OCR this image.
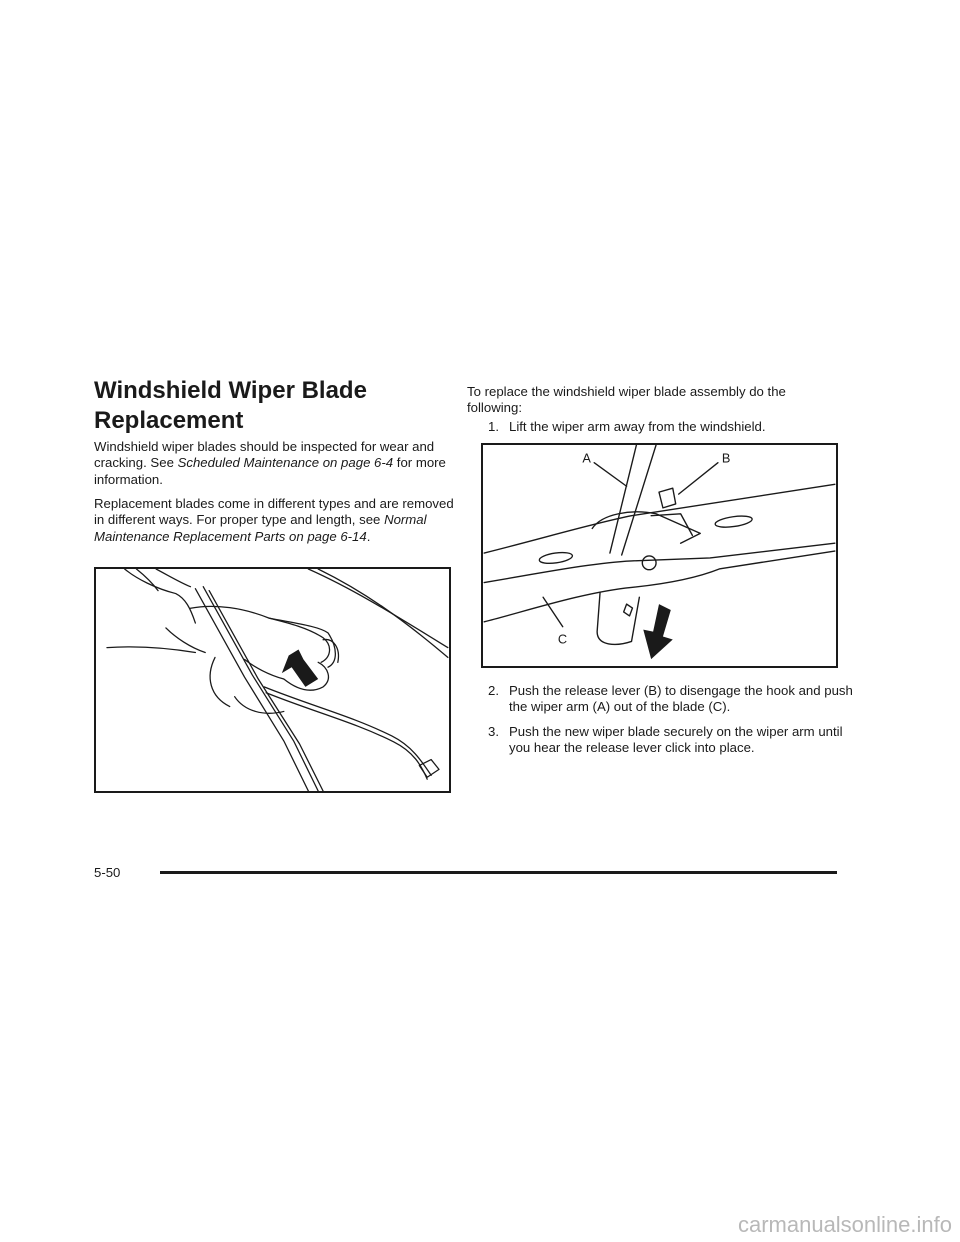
Windshield Wiper Blade Replacement

Windshield wiper blades should be inspected for wear and cracking. See Scheduled Maintenance on page 6-4 for more information.

Replacement blades come in different types and are removed in different ways. For proper type and length, see Normal Maintenance Replacement Parts on page 6-14.

To replace the windshield wiper blade assembly do the following:

1. Lift the wiper arm away from the windshield.

A	B
C

2. Push the release lever (B) to disengage the hook and push the wiper arm (A) out of the blade (C).

3. Push the new wiper blade securely on the wiper arm until you hear the release lever click into place.

5-50
carmanualsonline.info
